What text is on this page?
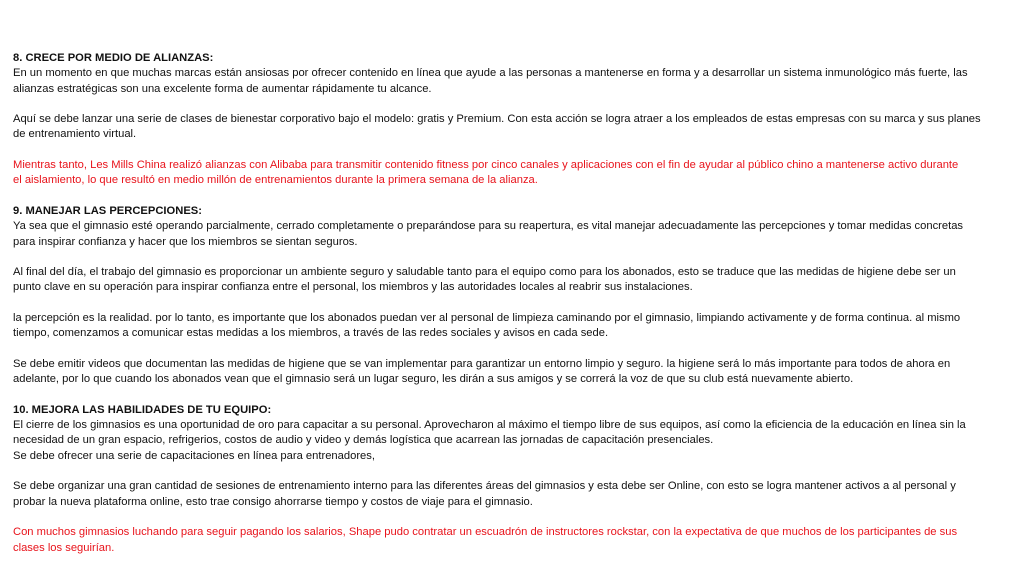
8. CRECE POR MEDIO DE ALIANZAS:
En un momento en que muchas marcas están ansiosas por ofrecer contenido en línea que ayude a las personas a mantenerse en forma y a desarrollar un sistema inmunológico más fuerte, las
alianzas estratégicas son una excelente forma de aumentar rápidamente tu alcance.
Aquí se debe lanzar una serie de clases de bienestar corporativo bajo el modelo: gratis y Premium. Con esta acción se logra atraer a los empleados de estas empresas con su marca y sus planes
de entrenamiento virtual.
Mientras tanto, Les Mills China realizó alianzas con Alibaba para transmitir contenido fitness por cinco canales y aplicaciones con el fin de ayudar al público chino a mantenerse activo durante
el aislamiento, lo que resultó en medio millón de entrenamientos durante la primera semana de la alianza.
9. MANEJAR LAS PERCEPCIONES:
Ya sea que el gimnasio esté operando parcialmente, cerrado completamente o preparándose para su reapertura, es vital manejar adecuadamente las percepciones y tomar medidas concretas
para inspirar confianza y hacer que los miembros se sientan seguros.
Al final del día, el trabajo del gimnasio es proporcionar un ambiente seguro y saludable tanto para el equipo como para los abonados, esto se traduce que las medidas de higiene debe ser un
punto clave en su operación para inspirar confianza entre el personal, los miembros y las autoridades locales al reabrir sus instalaciones.
la percepción es la realidad. por lo tanto, es importante que los abonados puedan ver al personal de limpieza caminando por el gimnasio, limpiando activamente y de forma continua. al mismo
tiempo, comenzamos a comunicar estas medidas a los miembros, a través de las redes sociales y avisos en cada sede.
Se debe emitir videos que documentan las medidas de higiene que se van implementar para garantizar un entorno limpio y seguro. la higiene será lo más importante para todos de ahora en
adelante, por lo que cuando los abonados vean que el gimnasio será un lugar seguro, les dirán a sus amigos y se correrá la voz de que su club está nuevamente abierto.
10. MEJORA LAS HABILIDADES DE TU EQUIPO:
El cierre de los gimnasios es una oportunidad de oro para capacitar a su personal. Aprovecharon al máximo el tiempo libre de sus equipos, así como la eficiencia de la educación en línea sin la
necesidad de un gran espacio, refrigerios, costos de audio y video y demás logística que acarrean las jornadas de capacitación presenciales.
Se debe ofrecer una serie de capacitaciones en línea para entrenadores,
Se debe organizar una gran cantidad de sesiones de entrenamiento interno para las diferentes áreas del gimnasios y esta debe ser Online, con esto se logra mantener activos a al personal y
probar la nueva plataforma online, esto trae consigo ahorrarse tiempo y costos de viaje para el gimnasio.
Con muchos gimnasios luchando para seguir pagando los salarios, Shape pudo contratar un escuadrón de instructores rockstar, con la expectativa de que muchos de los participantes de sus
clases los seguirían.
